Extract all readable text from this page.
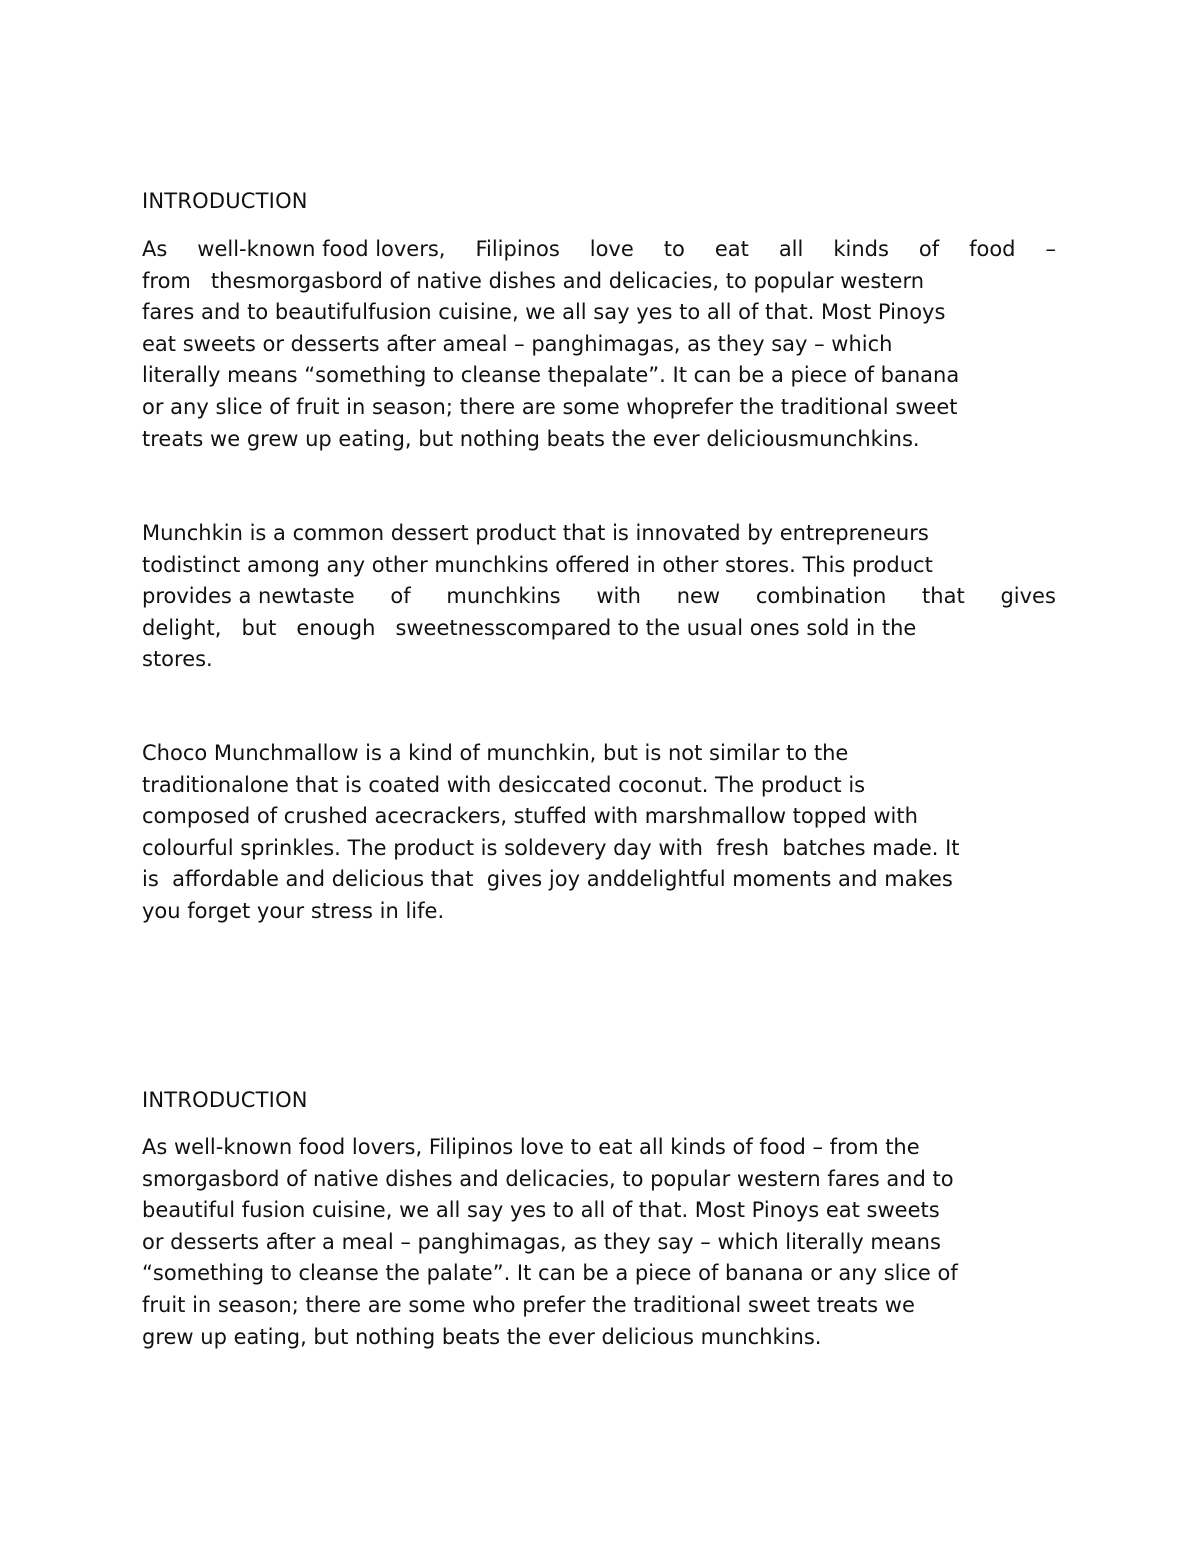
INTRODUCTION
As well-known food lovers, Filipinos love to eat all kinds of food –
from   thesmorgasbord of native dishes and delicacies, to popular western
fares and to beautifulfusion cuisine, we all say yes to all of that. Most Pinoys
eat sweets or desserts after ameal – panghimagas, as they say – which
literally means “something to cleanse thepalate”. It can be a piece of banana
or any slice of fruit in season; there are some whoprefer the traditional sweet
treats we grew up eating, but nothing beats the ever deliciousmunchkins.
Munchkin is a common dessert product that is innovated by entrepreneurs
todistinct among any other munchkins offered in other stores. This product
provides a newtaste of munchkins with new combination that gives
delight,   but   enough   sweetnesscompared to the usual ones sold in the
stores.
Choco Munchmallow is a kind of munchkin, but is not similar to the
traditionalone that is coated with desiccated coconut. The product is
composed of crushed acecrackers, stuffed with marshmallow topped with
colourful sprinkles. The product is soldevery day with  fresh  batches made. It
is  affordable and delicious that  gives joy anddelightful moments and makes
you forget your stress in life.
INTRODUCTION
As well-known food lovers, Filipinos love to eat all kinds of food – from the
smorgasbord of native dishes and delicacies, to popular western fares and to
beautiful fusion cuisine, we all say yes to all of that. Most Pinoys eat sweets
or desserts after a meal – panghimagas, as they say – which literally means
“something to cleanse the palate”. It can be a piece of banana or any slice of
fruit in season; there are some who prefer the traditional sweet treats we
grew up eating, but nothing beats the ever delicious munchkins.
